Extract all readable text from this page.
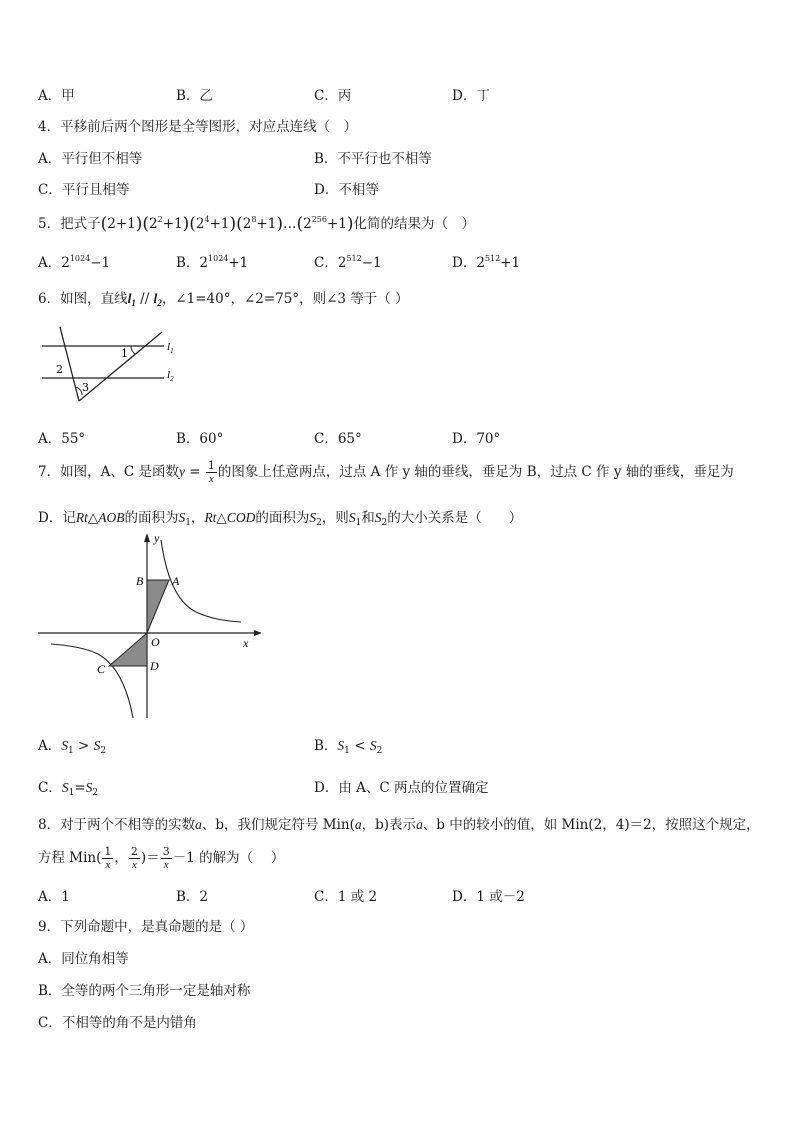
A．甲	B．乙	C．丙	D．丁
4．平移前后两个图形是全等图形，对应点连线（　）
A．平行但不相等	B．不平行也不相等
C．平行且相等	D．不相等
5．把式子$(2+1)(2^2+1)(2^4+1)(2^8+1)\dots(2^{256}+1)$化简的结果为（　）
A．$2^{1024}-1$	B．$2^{1024}+1$	C．$2^{512}-1$	D．$2^{512}+1$
6．如图，直线$l_1 // l_2$，∠1=40°，∠2=75°，则∠3 等于（ ）
1
2
3
$l_1$
$l_2$
A．55°	B．60°	C．65°	D．70°
7．如图，A、C 是函数$y = \frac{1}{x}$ 的图象上任意两点，过点 A 作 y 轴的垂线，垂足为 B，过点 C 作 y 轴的垂线，垂足为
D．记Rt△AOB的面积为$S_1$，Rt△COD的面积为$S_2$，则$S_1$和$S_2$的大小关系是（　　）
y
x
O
A
B
C	D
A．$S_1 > S_2$	B．$S_1 < S_2$
C．$S_1=S_2$	D．由 A、C 两点的位置确定
8．对于两个不相等的实数a、b，我们规定符号 Min(a，b)表示a、b 中的较小的值，如 Min(2，4)＝2，按照这个规定，
方程 $Min( \frac{1}{x}$ ， $\frac{2}{x}$ )＝ $\frac{3}{x} -1$ 的解为（　 ）
A．1	B．2	C．1 或 2	D．1 或－2
9．下列命题中，是真命题的是（ ）
A．同位角相等
B．全等的两个三角形一定是轴对称
C．不相等的角不是内错角
